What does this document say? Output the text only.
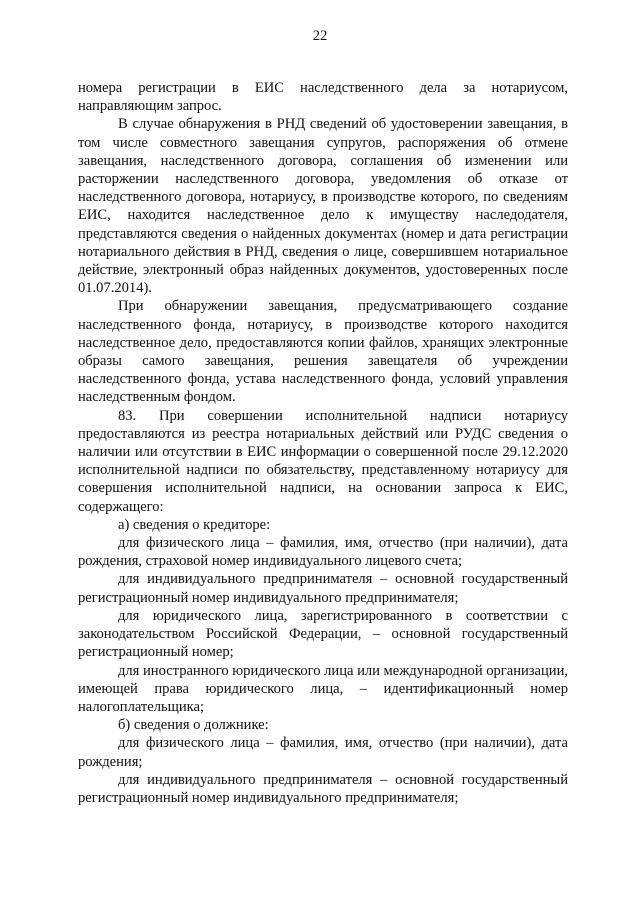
22

номера регистрации в ЕИС наследственного дела за нотариусом, направляющим запрос.

В случае обнаружения в РНД сведений об удостоверении завещания, в том числе совместного завещания супругов, распоряжения об отмене завещания, наследственного договора, соглашения об изменении или расторжении наследственного договора, уведомления об отказе от наследственного договора, нотариусу, в производстве которого, по сведениям ЕИС, находится наследственное дело к имуществу наследодателя, представляются сведения о найденных документах (номер и дата регистрации нотариального действия в РНД, сведения о лице, совершившем нотариальное действие, электронный образ найденных документов, удостоверенных после 01.07.2014).

При обнаружении завещания, предусматривающего создание наследственного фонда, нотариусу, в производстве которого находится наследственное дело, предоставляются копии файлов, хранящих электронные образы самого завещания, решения завещателя об учреждении наследственного фонда, устава наследственного фонда, условий управления наследственным фондом.

83. При совершении исполнительной надписи нотариусу предоставляются из реестра нотариальных действий или РУДС сведения о наличии или отсутствии в ЕИС информации о совершенной после 29.12.2020 исполнительной надписи по обязательству, представленному нотариусу для совершения исполнительной надписи, на основании запроса к ЕИС, содержащего:

а) сведения о кредиторе:

для физического лица – фамилия, имя, отчество (при наличии), дата рождения, страховой номер индивидуального лицевого счета;

для индивидуального предпринимателя – основной государственный регистрационный номер индивидуального предпринимателя;

для юридического лица, зарегистрированного в соответствии с законодательством Российской Федерации, – основной государственный регистрационный номер;

для иностранного юридического лица или международной организации, имеющей права юридического лица, – идентификационный номер налогоплательщика;

б) сведения о должнике:

для физического лица – фамилия, имя, отчество (при наличии), дата рождения;

для индивидуального предпринимателя – основной государственный регистрационный номер индивидуального предпринимателя;
